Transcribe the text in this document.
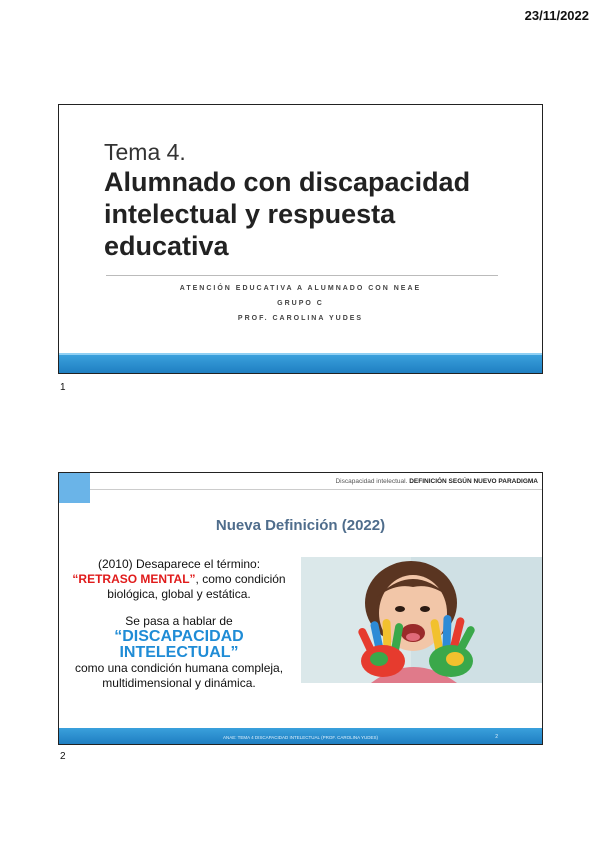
23/11/2022
Tema 4.
Alumnado con discapacidad intelectual y respuesta educativa
ATENCIÓN EDUCATIVA A ALUMNADO CON NEAE
GRUPO C
PROF. CAROLINA YUDES
1
Discapacidad intelectual. DEFINICIÓN SEGÚN NUEVO PARADIGMA
Nueva Definición (2022)

(2010) Desaparece el término:
“RETRASO MENTAL”, como condición biológica, global y estática.

Se pasa a hablar de
“DISCAPACIDAD INTELECTUAL”
como una condición humana compleja, multidimensional y dinámica.

ANAE: TEMA 4 DISCAPACIDAD INTELECTUAL (PROF. CAROLINA YUDES)	2
2
